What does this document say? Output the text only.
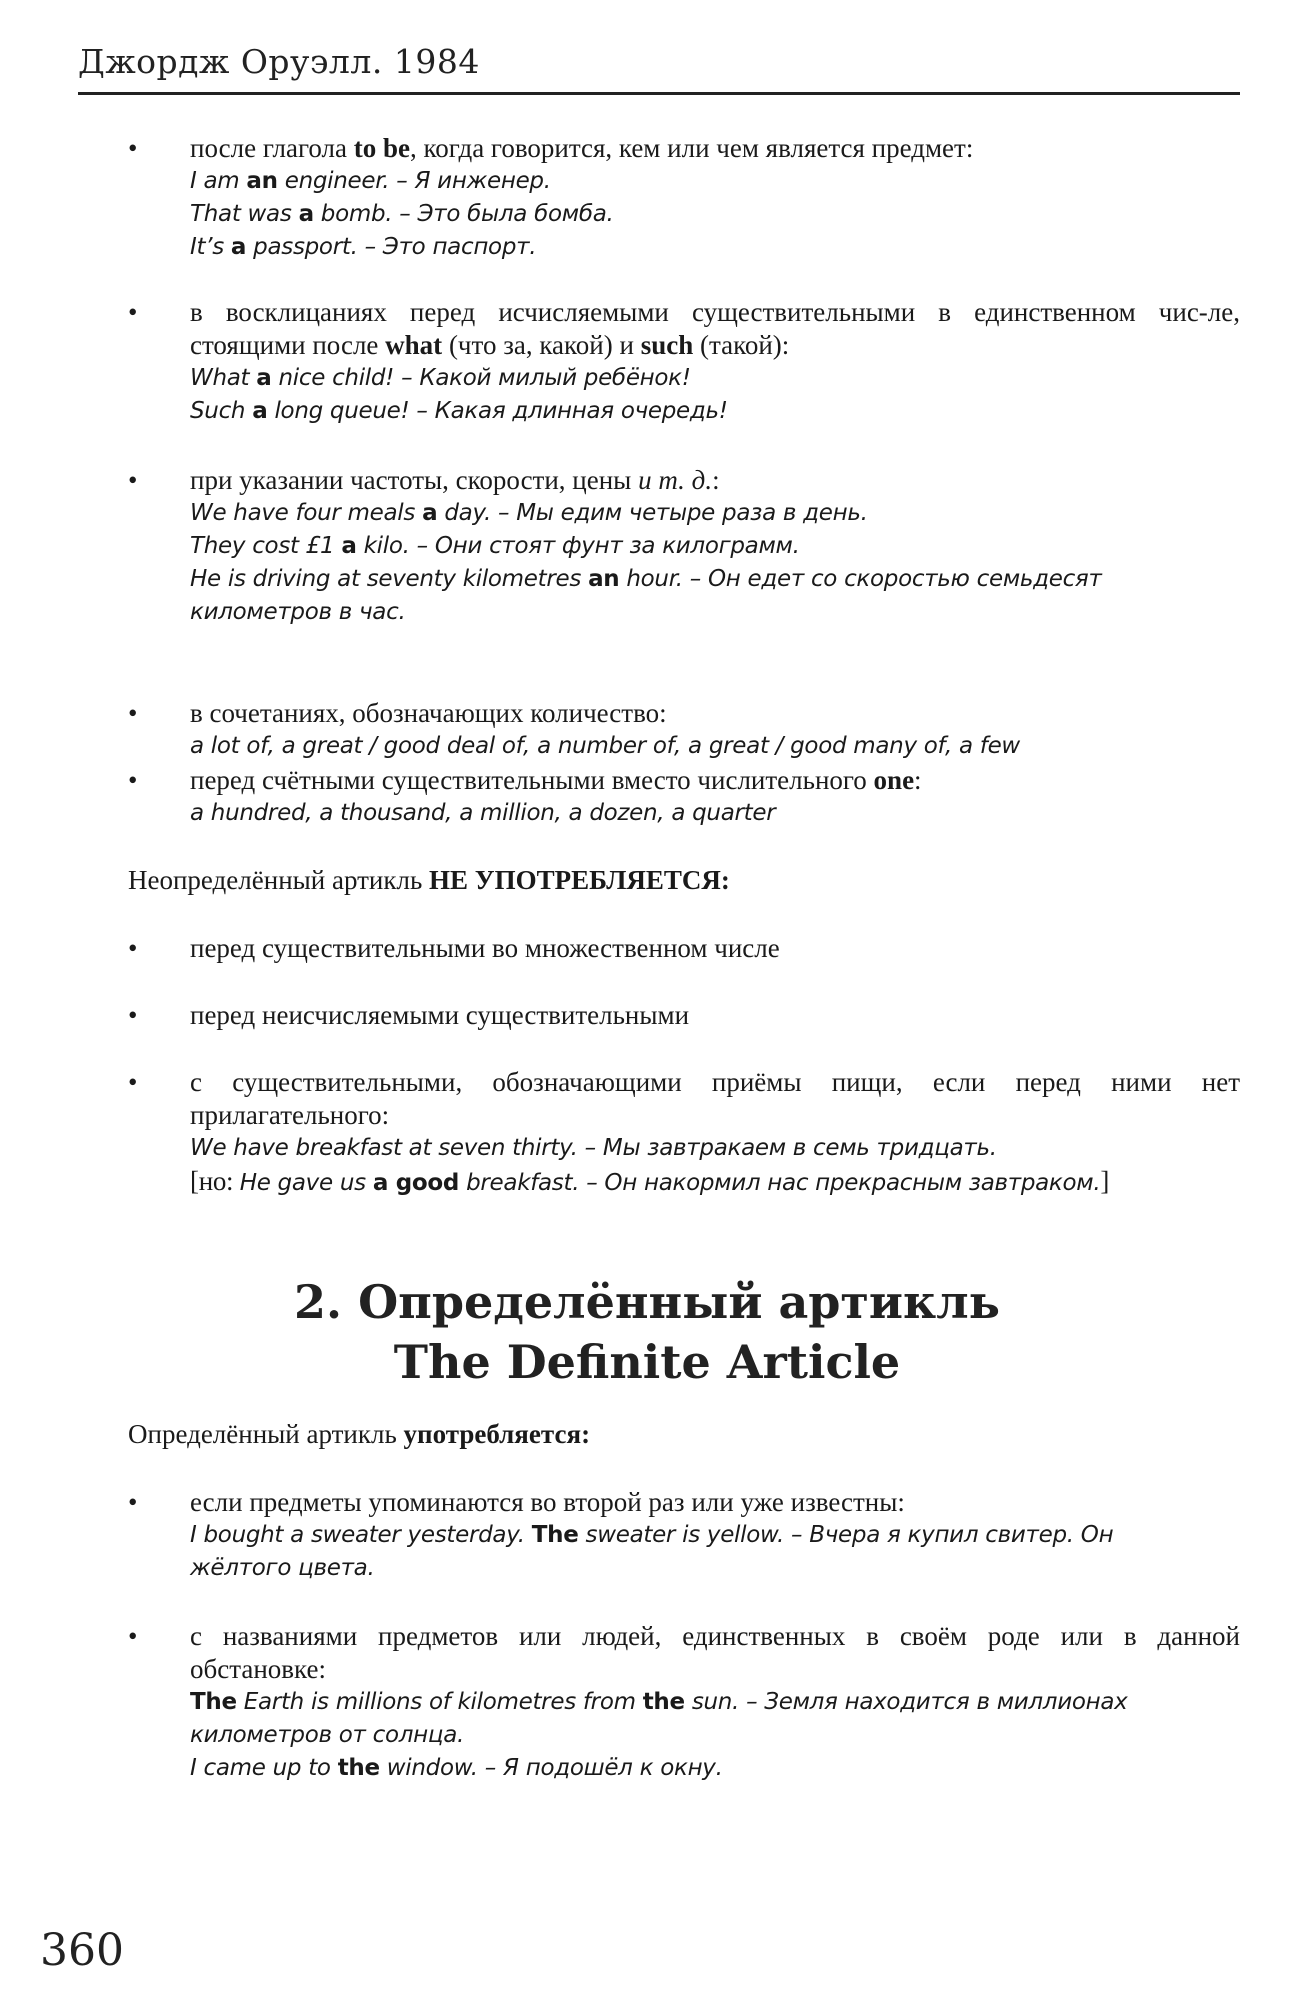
Джордж Оруэлл. 1984
• после глагола to be, когда говорится, кем или чем является предмет:
I am an engineer. – Я инженер.
That was a bomb. – Это была бомба.
It’s a passport. – Это паспорт.
• в восклицаниях перед исчисляемыми существительными в единственном чис-ле, стоящими после what (что за, какой) и such (такой):
What a nice child! – Какой милый ребёнок!
Such a long queue! – Какая длинная очередь!
• при указании частоты, скорости, цены и т. д.:
We have four meals a day. – Мы едим четыре раза в день.
They cost £1 a kilo. – Они стоят фунт за килограмм.
He is driving at seventy kilometres an hour. – Он едет со скоростью семьдесят
километров в час.
• в сочетаниях, обозначающих количество:
a lot of, a great / good deal of, a number of, a great / good many of, a few
• перед счётными существительными вместо числительного one:
a hundred, a thousand, a million, a dozen, a quarter
Неопределённый артикль НЕ УПОТРЕБЛЯЕТСЯ:
• перед существительными во множественном числе
• перед неисчисляемыми существительными
• с существительными, обозначающими приёмы пищи, если перед ними нет
прилагательного:
We have breakfast at seven thirty. – Мы завтракаем в семь тридцать.
[но: He gave us a good breakfast. – Он накормил нас прекрасным завтраком.]
2. Определённый артикль
The Definite Article
Определённый артикль употребляется:
• если предметы упоминаются во второй раз или уже известны:
I bought a sweater yesterday. The sweater is yellow. – Вчера я купил свитер. Он
жёлтого цвета.
• с названиями предметов или людей, единственных в своём роде или в данной
обстановке:
The Earth is millions of kilometres from the sun. – Земля находится в миллионах
километров от солнца.
I came up to the window. – Я подошёл к окну.
360
